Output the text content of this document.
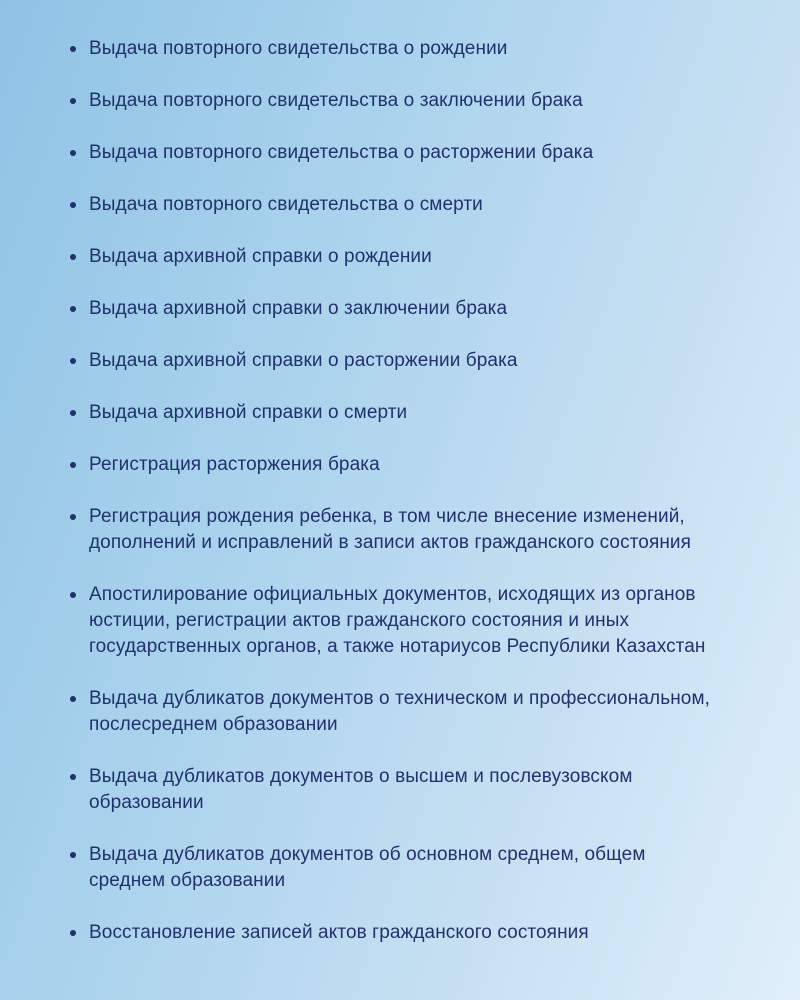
Выдача повторного свидетельства о рождении
Выдача повторного свидетельства о заключении брака
Выдача повторного свидетельства о расторжении брака
Выдача повторного свидетельства о смерти
Выдача архивной справки о рождении
Выдача архивной справки о заключении брака
Выдача архивной справки о расторжении брака
Выдача архивной справки о смерти
Регистрация расторжения брака
Регистрация рождения ребенка, в том числе внесение изменений, дополнений и исправлений в записи актов гражданского состояния
Апостилирование официальных документов, исходящих из органов юстиции, регистрации актов гражданского состояния и иных государственных органов, а также нотариусов Республики Казахстан
Выдача дубликатов документов о техническом и профессиональном, послесреднем образовании
Выдача дубликатов документов о высшем и послевузовском образовании
Выдача дубликатов документов об основном среднем, общем среднем образовании
Восстановление записей актов гражданского состояния
